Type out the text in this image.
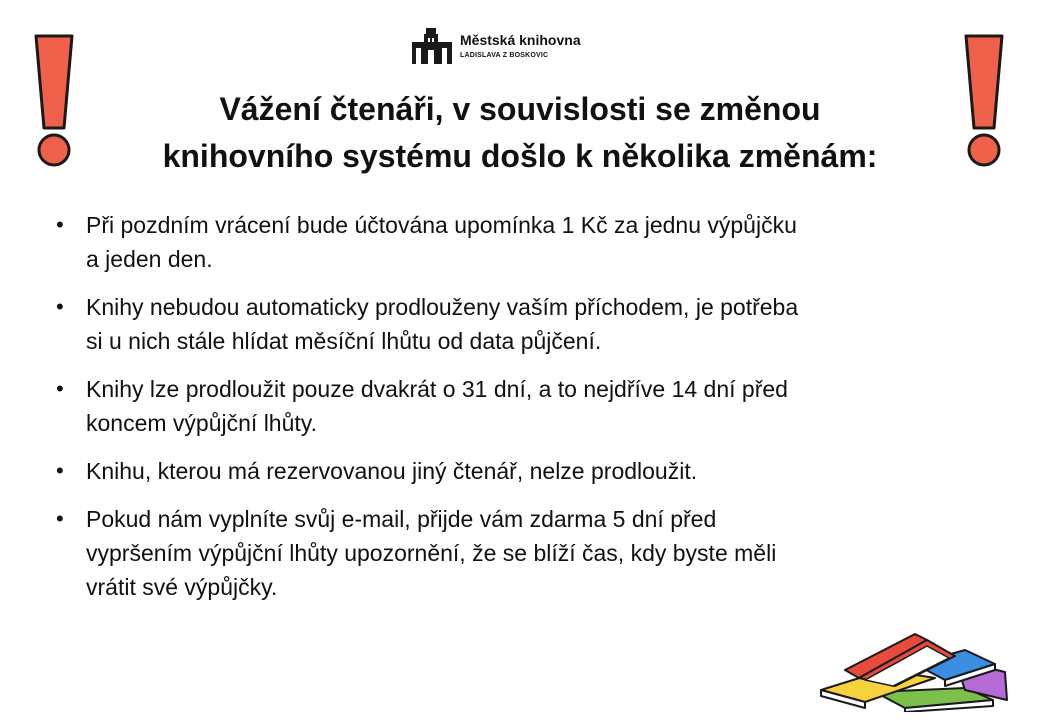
Městská knihovna
LADISLAVA Z BOSKOVIC
Vážení čtenáři, v souvislosti se změnou
knihovního systému došlo k několika změnám:
• Při pozdním vrácení bude účtována upomínka 1 Kč za jednu výpůjčku
a jeden den.
• Knihy nebudou automaticky prodlouženy vaším příchodem, je potřeba
si u nich stále hlídat měsíční lhůtu od data půjčení.
• Knihy lze prodloužit pouze dvakrát o 31 dní, a to nejdříve 14 dní před
koncem výpůjční lhůty.
• Knihu, kterou má rezervovanou jiný čtenář, nelze prodloužit.
• Pokud nám vyplníte svůj e-mail, přijde vám zdarma 5 dní před
vypršením výpůjční lhůty upozornění, že se blíží čas, kdy byste měli
vrátit své výpůjčky.
